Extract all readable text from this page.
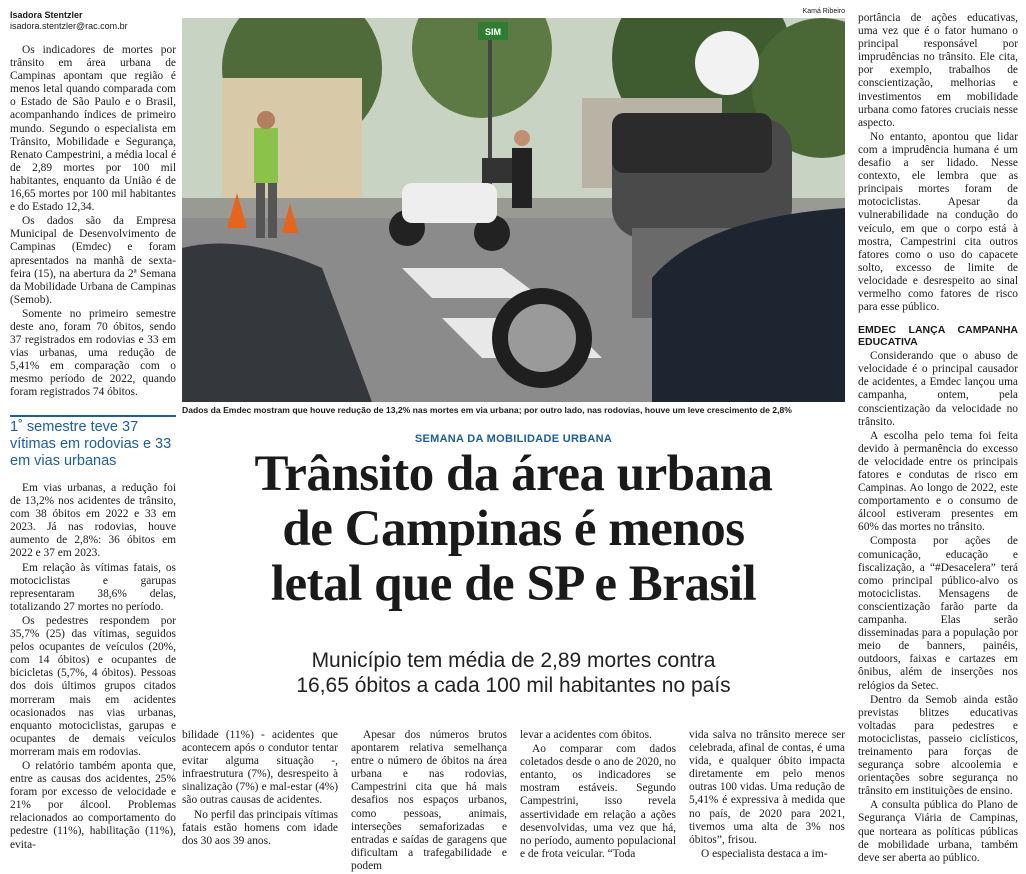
Isadora Stentzler
isadora.stentzler@rac.com.br

Os indicadores de mortes por trânsito em área urbana de Campinas apontam que região é menos letal quando comparada com o Estado de São Paulo e o Brasil, acompanhando índices de primeiro mundo. Segundo o especialista em Trânsito, Mobilidade e Segurança, Renato Campestrini, a média local é de 2,89 mortes por 100 mil habitantes, enquanto da União é de 16,65 mortes por 100 mil habitantes e do Estado 12,34.

Os dados são da Empresa Municipal de Desenvolvimento de Campinas (Emdec) e foram apresentados na manhã de sexta-feira (15), na abertura da 2ª Semana da Mobilidade Urbana de Campinas (Semob).

Somente no primeiro semestre deste ano, foram 70 óbitos, sendo 37 registrados em rodovias e 33 em vias urbanas, uma redução de 5,41% em comparação com o mesmo período de 2022, quando foram registrados 74 óbitos.

1˚ semestre teve 37 vítimas em rodovias e 33 em vias urbanas

Em vias urbanas, a redução foi de 13,2% nos acidentes de trânsito, com 38 óbitos em 2022 e 33 em 2023. Já nas rodovias, houve aumento de 2,8%: 36 óbitos em 2022 e 37 em 2023.

Em relação às vítimas fatais, os motociclistas e garupas representaram 38,6% delas, totalizando 27 mortes no período.

Os pedestres respondem por 35,7% (25) das vítimas, seguidos pelos ocupantes de veículos (20%, com 14 óbitos) e ocupantes de bicicletas (5,7%, 4 óbitos). Pessoas dos dois últimos grupos citados morreram mais em acidentes ocasionados nas vias urbanas, enquanto motociclistas, garupas e ocupantes de demais veículos morreram mais em rodovias.

O relatório também aponta que, entre as causas dos acidentes, 25% foram por excesso de velocidade e 21% por álcool. Problemas relacionados ao comportamento do pedestre (11%), habilitação (11%), evita-

Kamá Ribeiro
SIM
Dados da Emdec mostram que houve redução de 13,2% nas mortes em via urbana; por outro lado, nas rodovias, houve um leve crescimento de 2,8%
SEMANA DA MOBILIDADE URBANA
Trânsito da área urbana
de Campinas é menos
letal que de SP e Brasil
Município tem média de 2,89 mortes contra
16,65 óbitos a cada 100 mil habitantes no país

bilidade (11%) - acidentes que acontecem após o condutor tentar evitar alguma situação -, infraestrutura (7%), desrespeito à sinalização (7%) e mal-estar (4%) são outras causas de acidentes.

No perfil das principais vítimas fatais estão homens com idade dos 30 aos 39 anos.

Apesar dos números brutos apontarem relativa semelhança entre o número de óbitos na área urbana e nas rodovias, Campestrini cita que há mais desafios nos espaços urbanos, como pessoas, animais, interseções semaforizadas e entradas e saídas de garagens que dificultam a trafegabilidade e podem

levar a acidentes com óbitos.

Ao comparar com dados coletados desde o ano de 2020, no entanto, os indicadores se mostram estáveis. Segundo Campestrini, isso revela assertividade em relação a ações desenvolvidas, uma vez que há, no período, aumento populacional e de frota veicular. “Toda

vida salva no trânsito merece ser celebrada, afinal de contas, é uma vida, e qualquer óbito impacta diretamente em pelo menos outras 100 vidas. Uma redução de 5,41% é expressiva à medida que no país, de 2020 para 2021, tivemos uma alta de 3% nos óbitos”, frisou.

O especialista destaca a im-

portância de ações educativas, uma vez que é o fator humano o principal responsável por imprudências no trânsito. Ele cita, por exemplo, trabalhos de conscientização, melhorias e investimentos em mobilidade urbana como fatores cruciais nesse aspecto.

No entanto, apontou que lidar com a imprudência humana é um desafio a ser lidado. Nesse contexto, ele lembra que as principais mortes foram de motociclistas. Apesar da vulnerabilidade na condução do veículo, em que o corpo está à mostra, Campestrini cita outros fatores como o uso do capacete solto, excesso de limite de velocidade e desrespeito ao sinal vermelho como fatores de risco para esse público.

EMDEC LANÇA CAMPANHA EDUCATIVA

Considerando que o abuso de velocidade é o principal causador de acidentes, a Emdec lançou uma campanha, ontem, pela conscientização da velocidade no trânsito.

A escolha pelo tema foi feita devido à permanência do excesso de velocidade entre os principais fatores e condutas de risco em Campinas. Ao longo de 2022, este comportamento e o consumo de álcool estiveram presentes em 60% das mortes no trânsito.

Composta por ações de comunicação, educação e fiscalização, a “#Desacelera” terá como principal público-alvo os motociclistas. Mensagens de conscientização farão parte da campanha. Elas serão disseminadas para a população por meio de banners, painéis, outdoors, faixas e cartazes em ônibus, além de inserções nos relógios da Setec.

Dentro da Semob ainda estão previstas blitzes educativas voltadas para pedestres e motociclistas, passeio ciclísticos, treinamento para forças de segurança sobre alcoolemia e orientações sobre segurança no trânsito em instituições de ensino.

A consulta pública do Plano de Segurança Viária de Campinas, que nortearа as políticas públicas de mobilidade urbana, também deve ser aberta ao público.
